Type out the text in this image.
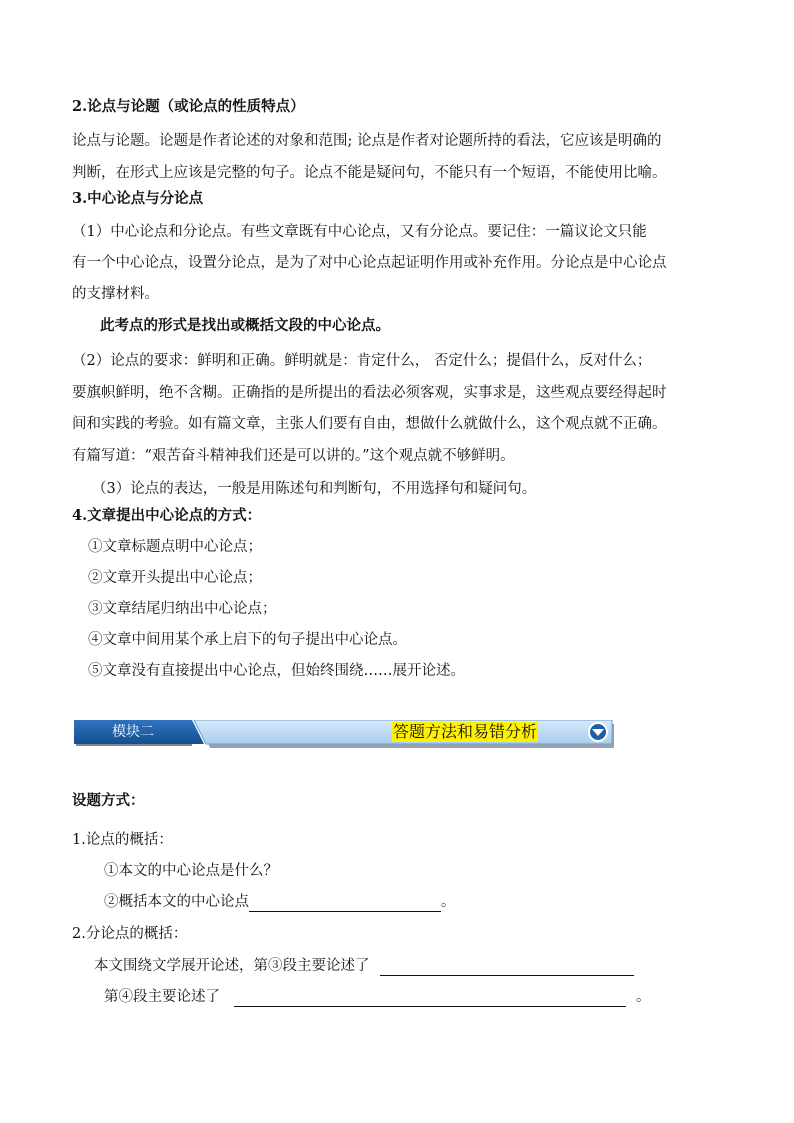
2.论点与论题（或论点的性质特点）
论点与论题。论题是作者论述的对象和范围; 论点是作者对论题所持的看法，它应该是明确的
判断，在形式上应该是完整的句子。论点不能是疑问句，不能只有一个短语，不能使用比喻。
3.中心论点与分论点
（1）中心论点和分论点。有些文章既有中心论点，又有分论点。要记住：一篇议论文只能
有一个中心论点，设置分论点，是为了对中心论点起证明作用或补充作用。分论点是中心论点
的支撑材料。
此考点的形式是找出或概括文段的中心论点。
（2）论点的要求：鲜明和正确。鲜明就是：肯定什么， 否定什么；提倡什么，反对什么；
要旗帜鲜明，绝不含糊。正确指的是所提出的看法必须客观，实事求是，这些观点要经得起时
间和实践的考验。如有篇文章，主张人们要有自由，想做什么就做什么，这个观点就不正确。
有篇写道：“艰苦奋斗精神我们还是可以讲的。”这个观点就不够鲜明。
（3）论点的表达，一般是用陈述句和判断句，不用选择句和疑问句。
4.文章提出中心论点的方式：
①文章标题点明中心论点；
②文章开头提出中心论点；
③文章结尾归纳出中心论点；
④文章中间用某个承上启下的句子提出中心论点。
⑤文章没有直接提出中心论点，但始终围绕……展开论述。
模块二	答题方法和易错分析
设题方式：
1.论点的概括：
①本文的中心论点是什么？
②概括本文的中心论点	。
2.分论点的概括：
本文围绕文学展开论述，第③段主要论述了
第④段主要论述了	。
